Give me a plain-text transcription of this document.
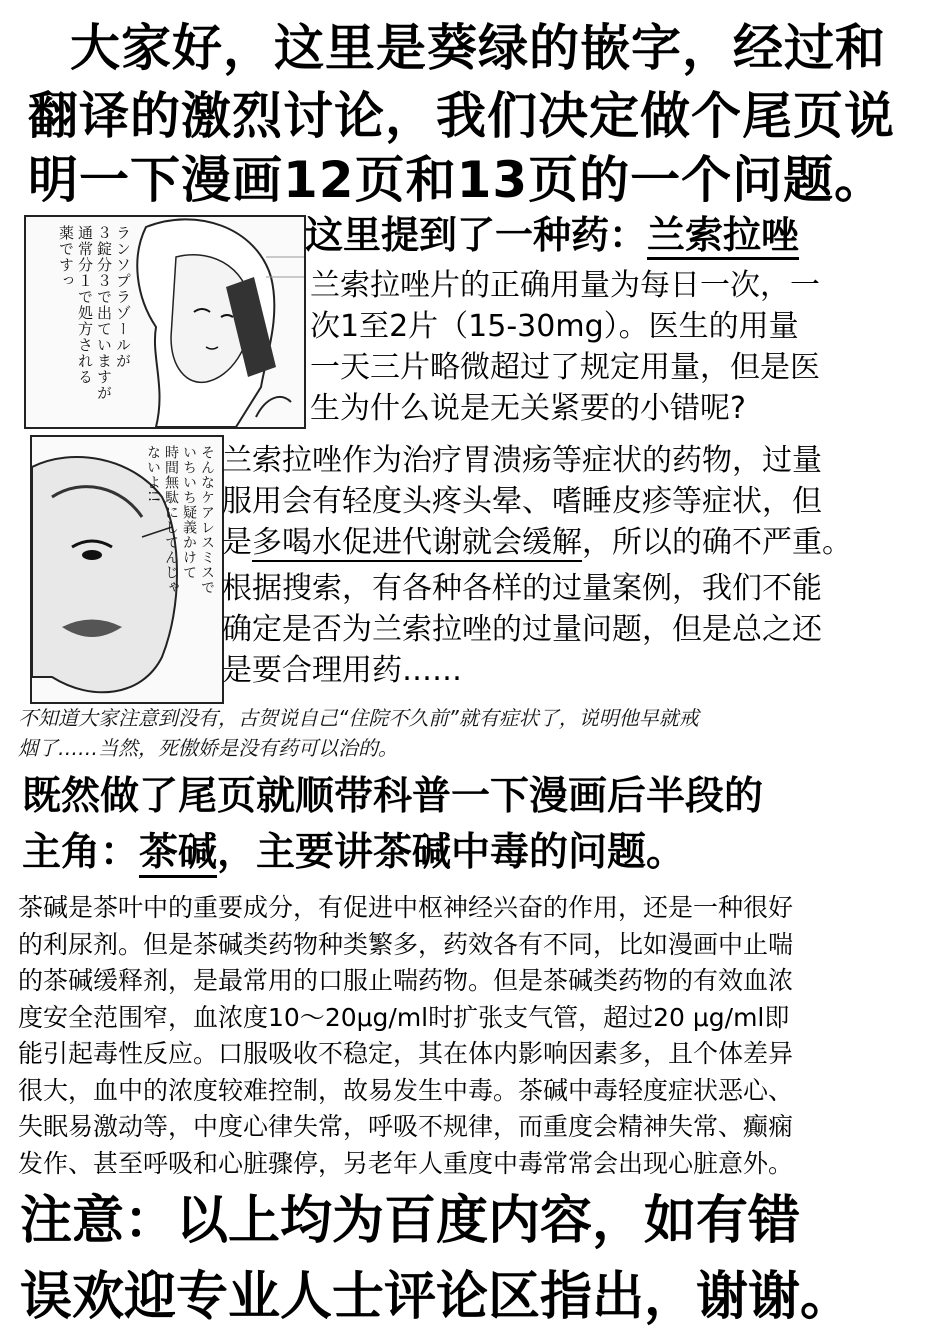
大家好，这里是葵绿的嵌字，经过和
翻译的激烈讨论，我们决定做个尾页说
明一下漫画12页和13页的一个问题。
ランソプラゾールが
３錠分３で出ていますが
通常分１で処方される
薬ですっ	这里提到了一种药：兰索拉唑
兰索拉唑片的正确用量为每日一次，一
次1至2片（15-30mg）。医生的用量
一天三片略微超过了规定用量，但是医
生为什么说是无关紧要的小错呢?
そんなケアレスミスで
いちいち疑義かけて
時間無駄にしてんじゃ
ないよ!!	兰索拉唑作为治疗胃溃疡等症状的药物，过量
服用会有轻度头疼头晕、嗜睡皮疹等症状，但
是多喝水促进代谢就会缓解，所以的确不严重。
根据搜索，有各种各样的过量案例，我们不能
确定是否为兰索拉唑的过量问题，但是总之还
是要合理用药……
不知道大家注意到没有，古贺说自己“住院不久前”就有症状了，说明他早就戒
烟了……当然，死傲娇是没有药可以治的。
既然做了尾页就顺带科普一下漫画后半段的
主角：茶碱，主要讲茶碱中毒的问题。
茶碱是茶叶中的重要成分，有促进中枢神经兴奋的作用，还是一种很好
的利尿剂。但是茶碱类药物种类繁多，药效各有不同，比如漫画中止喘
的茶碱缓释剂，是最常用的口服止喘药物。但是茶碱类药物的有效血浓
度安全范围窄，血浓度10～20μg/ml时扩张支气管，超过20 μg/ml即
能引起毒性反应。口服吸收不稳定，其在体内影响因素多，且个体差异
很大，血中的浓度较难控制，故易发生中毒。茶碱中毒轻度症状恶心、
失眠易激动等，中度心律失常，呼吸不规律，而重度会精神失常、癫痫
发作、甚至呼吸和心脏骤停，另老年人重度中毒常常会出现心脏意外。
注意：以上均为百度内容，如有错
误欢迎专业人士评论区指出，谢谢。
